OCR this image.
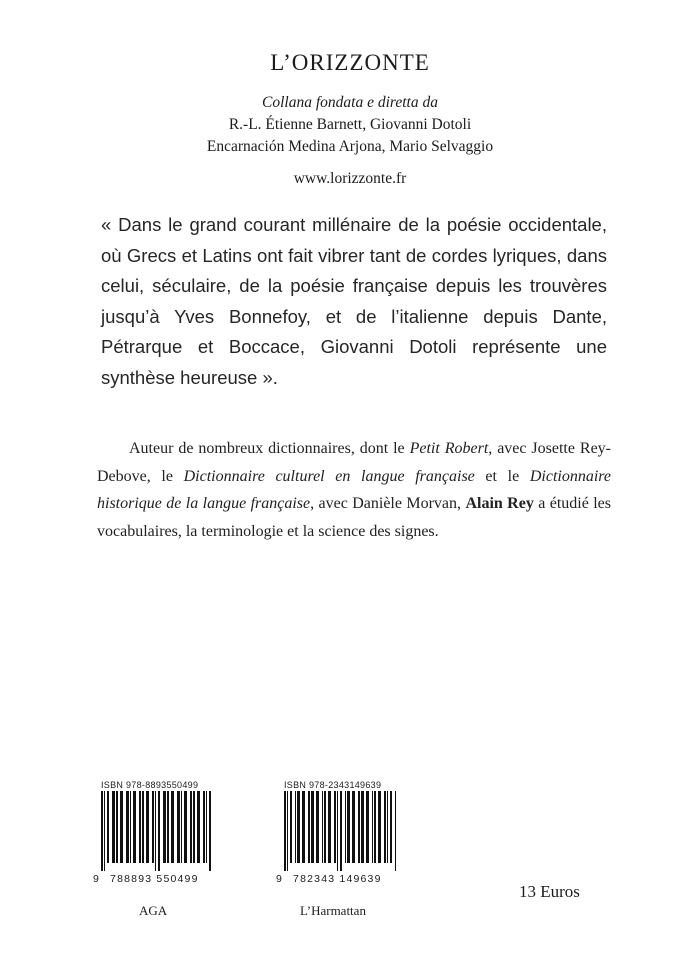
L’ORIZZONTE
Collana fondata e diretta da
R.-L. Étienne Barnett, Giovanni Dotoli
Encarnación Medina Arjona, Mario Selvaggio
www.lorizzonte.fr
« Dans le grand courant millénaire de la poésie occidentale, où Grecs et Latins ont fait vibrer tant de cordes lyriques, dans celui, séculaire, de la poésie française depuis les trouvères jusqu’à Yves Bonnefoy, et de l’italienne depuis Dante, Pétrarque et Boccace, Giovanni Dotoli représente une synthèse heureuse ».
Auteur de nombreux dictionnaires, dont le Petit Robert, avec Josette Rey-Debove, le Dictionnaire culturel en langue française et le Dictionnaire historique de la langue française, avec Danièle Morvan, Alain Rey a étudié les vocabulaires, la terminologie et la science des signes.
ISBN 978-8893550499
9 788893 550499
AGA
ISBN 978-2343149639
9 782343 149639
L’Harmattan
13 Euros
